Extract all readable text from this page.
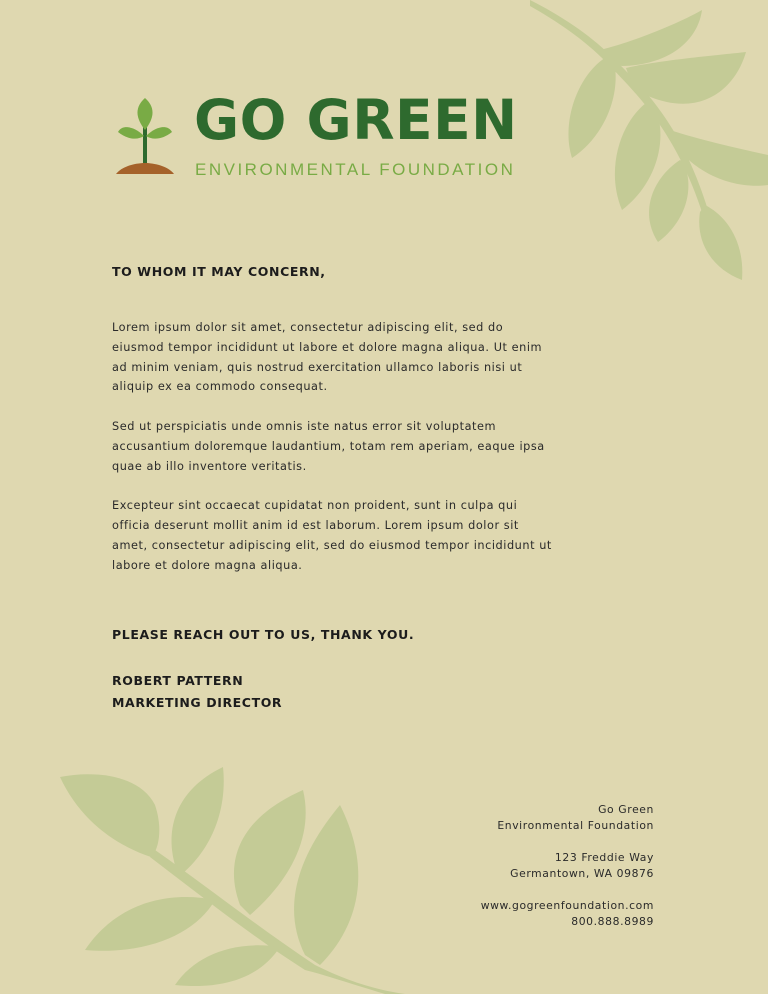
GO GREEN
ENVIRONMENTAL FOUNDATION
TO WHOM IT MAY CONCERN,

Lorem ipsum dolor sit amet, consectetur adipiscing elit, sed do eiusmod tempor incididunt ut labore et dolore magna aliqua. Ut enim ad minim veniam, quis nostrud exercitation ullamco laboris nisi ut aliquip ex ea commodo consequat.

Sed ut perspiciatis unde omnis iste natus error sit voluptatem accusantium doloremque laudantium, totam rem aperiam, eaque ipsa quae ab illo inventore veritatis.

Excepteur sint occaecat cupidatat non proident, sunt in culpa qui officia deserunt mollit anim id est laborum. Lorem ipsum dolor sit amet, consectetur adipiscing elit, sed do eiusmod tempor incididunt ut labore et dolore magna aliqua.

PLEASE REACH OUT TO US, THANK YOU.
ROBERT PATTERN
MARKETING DIRECTOR
Go Green
Environmental Foundation
123 Freddie Way
Germantown, WA 09876
www.gogreenfoundation.com
800.888.8989
